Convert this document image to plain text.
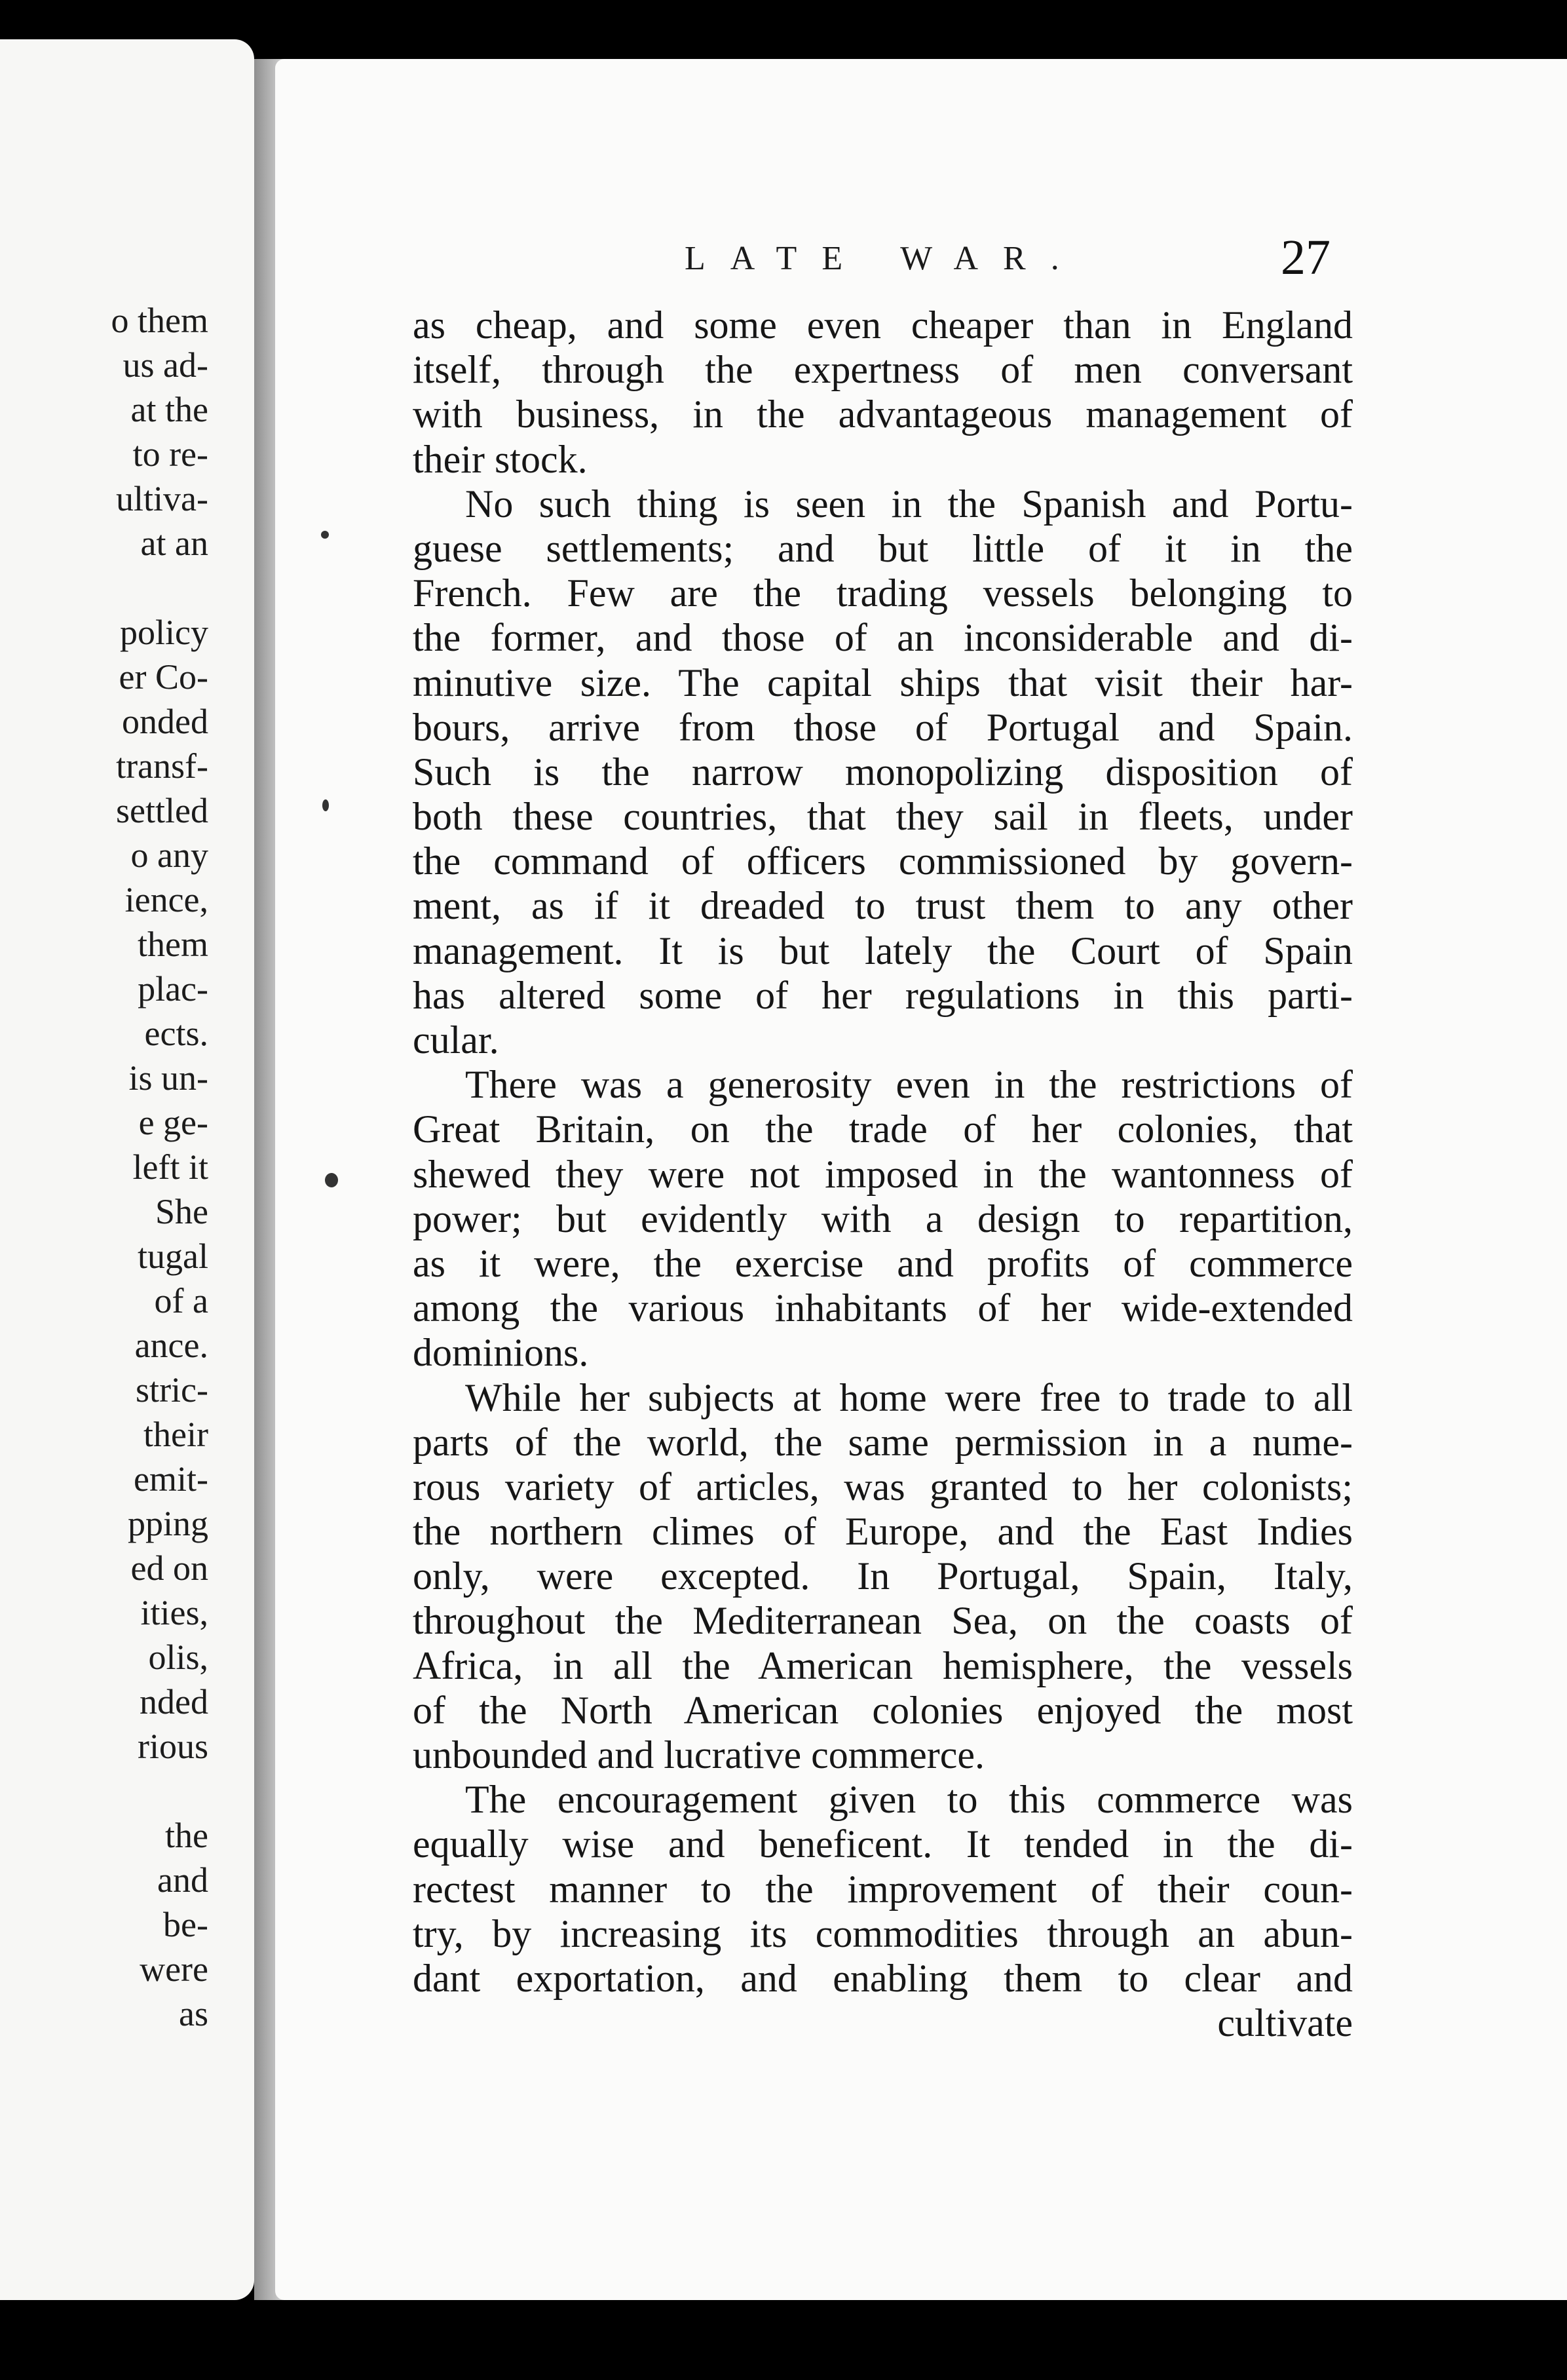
o them
us ad-
at the
to re-
ultiva-
at an
policy
er Co-
onded
transf-
settled
o any
ience,
them
plac-
ects.
is un-
e ge-
left it
She
tugal
of a
ance.
stric-
their
emit-
pping
ed on
ities,
olis,
nded
rious
the
and
be-
were
as
LATE WAR.	27
as cheap, and some even cheaper than in England
itself, through the expertness of men conversant
with business, in the advantageous management of
their stock.
No such thing is seen in the Spanish and Portu-
guese settlements; and but little of it in the
French. Few are the trading vessels belonging to
the former, and those of an inconsiderable and di-
minutive size. The capital ships that visit their har-
bours, arrive from those of Portugal and Spain.
Such is the narrow monopolizing disposition of
both these countries, that they sail in fleets, under
the command of officers commissioned by govern-
ment, as if it dreaded to trust them to any other
management. It is but lately the Court of Spain
has altered some of her regulations in this parti-
cular.
There was a generosity even in the restrictions of
Great Britain, on the trade of her colonies, that
shewed they were not imposed in the wantonness of
power; but evidently with a design to repartition,
as it were, the exercise and profits of commerce
among the various inhabitants of her wide-extended
dominions.
While her subjects at home were free to trade to all
parts of the world, the same permission in a nume-
rous variety of articles, was granted to her colonists;
the northern climes of Europe, and the East Indies
only, were excepted. In Portugal, Spain, Italy,
throughout the Mediterranean Sea, on the coasts of
Africa, in all the American hemisphere, the vessels
of the North American colonies enjoyed the most
unbounded and lucrative commerce.
The encouragement given to this commerce was
equally wise and beneficent. It tended in the di-
rectest manner to the improvement of their coun-
try, by increasing its commodities through an abun-
dant exportation, and enabling them to clear and
cultivate
